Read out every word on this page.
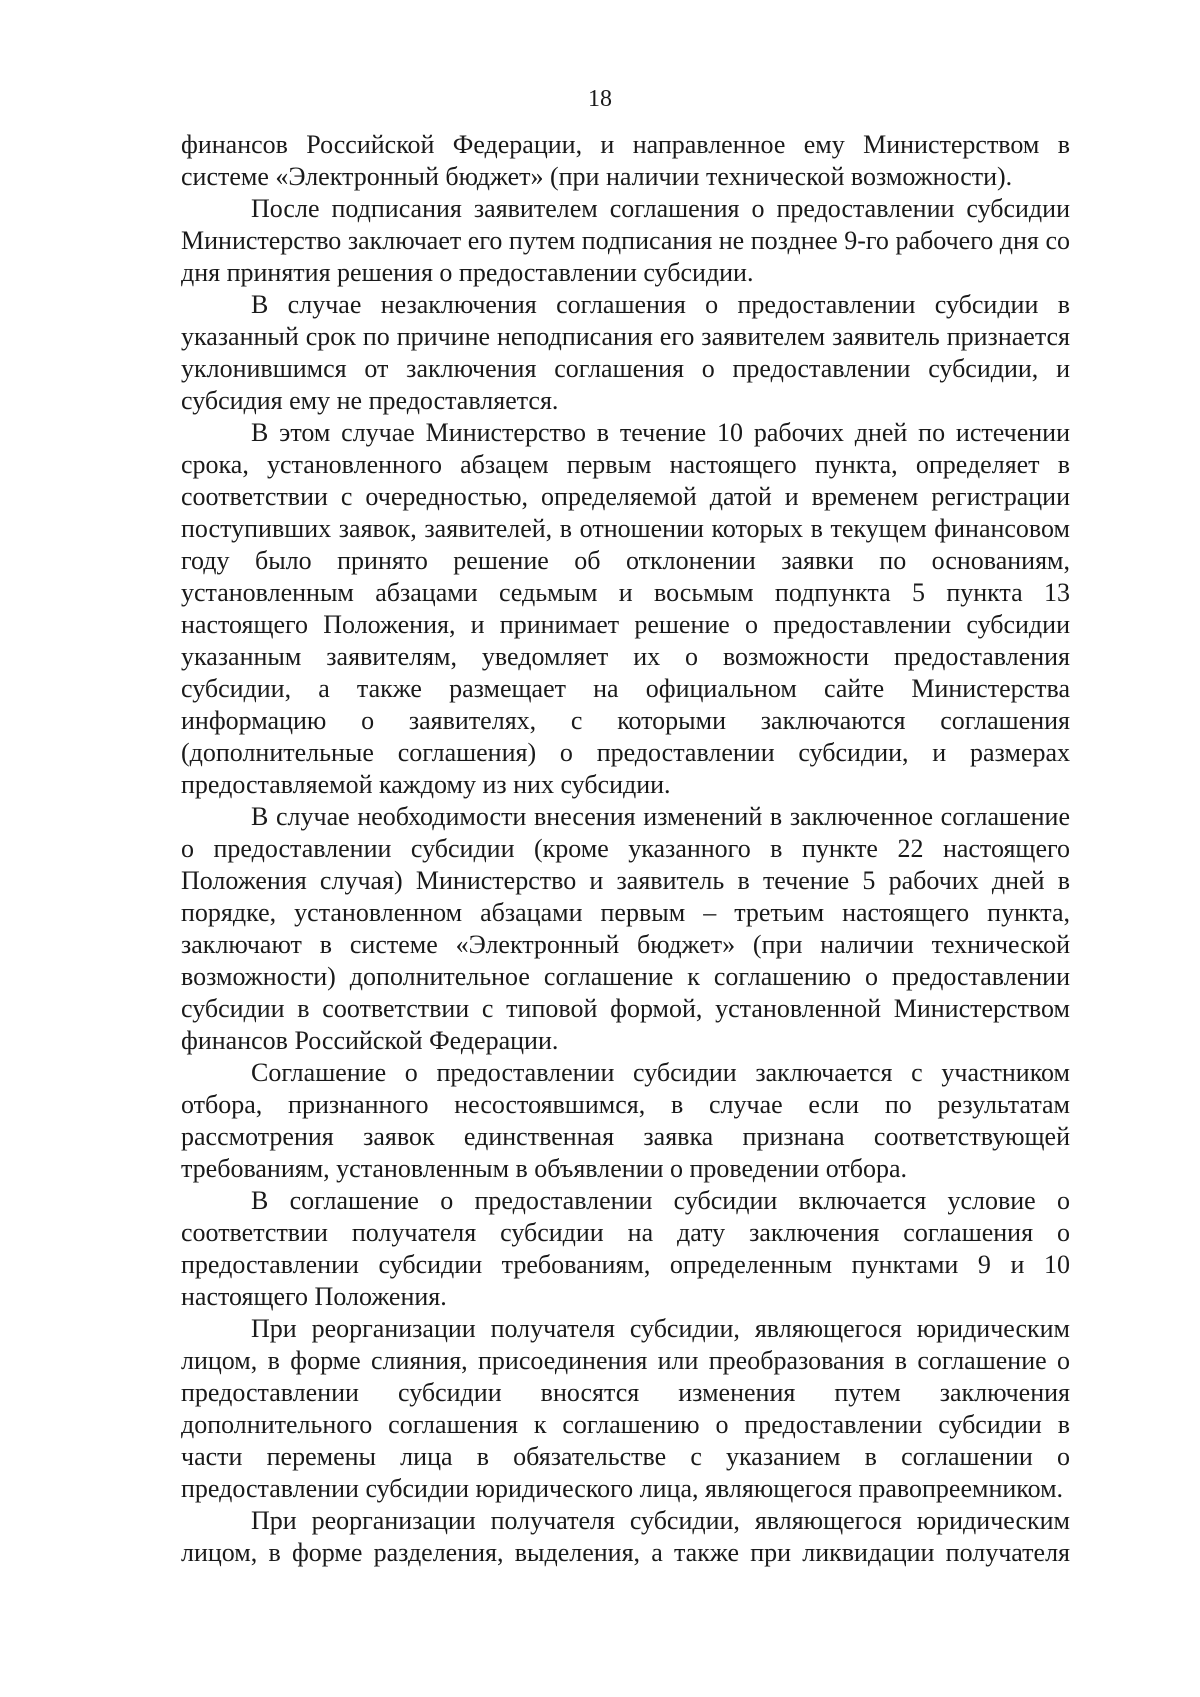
18

финансов Российской Федерации, и направленное ему Министерством в системе «Электронный бюджет» (при наличии технической возможности).

После подписания заявителем соглашения о предоставлении субсидии Министерство заключает его путем подписания не позднее 9-го рабочего дня со дня принятия решения о предоставлении субсидии.

В случае незаключения соглашения о предоставлении субсидии в указанный срок по причине неподписания его заявителем заявитель признается уклонившимся от заключения соглашения о предоставлении субсидии, и субсидия ему не предоставляется.

В этом случае Министерство в течение 10 рабочих дней по истечении срока, установленного абзацем первым настоящего пункта, определяет в соответствии с очередностью, определяемой датой и временем регистрации поступивших заявок, заявителей, в отношении которых в текущем финансовом году было принято решение об отклонении заявки по основаниям, установленным абзацами седьмым и восьмым подпункта 5 пункта 13 настоящего Положения, и принимает решение о предоставлении субсидии указанным заявителям, уведомляет их о возможности предоставления субсидии, а также размещает на официальном сайте Министерства информацию о заявителях, с которыми заключаются соглашения (дополнительные соглашения) о предоставлении субсидии, и размерах предоставляемой каждому из них субсидии.

В случае необходимости внесения изменений в заключенное соглашение о предоставлении субсидии (кроме указанного в пункте 22 настоящего Положения случая) Министерство и заявитель в течение 5 рабочих дней в порядке, установленном абзацами первым – третьим настоящего пункта, заключают в системе «Электронный бюджет» (при наличии технической возможности) дополнительное соглашение к соглашению о предоставлении субсидии в соответствии с типовой формой, установленной Министерством финансов Российской Федерации.

Соглашение о предоставлении субсидии заключается с участником отбора, признанного несостоявшимся, в случае если по результатам рассмотрения заявок единственная заявка признана соответствующей требованиям, установленным в объявлении о проведении отбора.

В соглашение о предоставлении субсидии включается условие о соответствии получателя субсидии на дату заключения соглашения о предоставлении субсидии требованиям, определенным пунктами 9 и 10 настоящего Положения.

При реорганизации получателя субсидии, являющегося юридическим лицом, в форме слияния, присоединения или преобразования в соглашение о предоставлении субсидии вносятся изменения путем заключения дополнительного соглашения к соглашению о предоставлении субсидии в части перемены лица в обязательстве с указанием в соглашении о предоставлении субсидии юридического лица, являющегося правопреемником.

При реорганизации получателя субсидии, являющегося юридическим лицом, в форме разделения, выделения, а также при ликвидации получателя
